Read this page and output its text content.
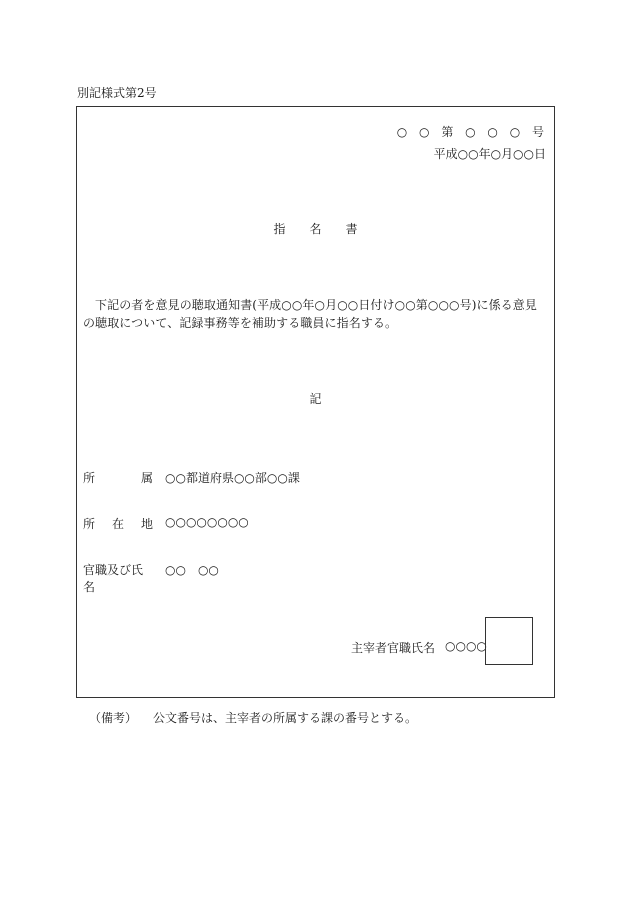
別記様式第2号
○ ○ 第 ○ ○ ○ 号
平成○○年○月○○日
指名書
下記の者を意見の聴取通知書(平成○○年○月○○日付け○○第○○○号)に係る意見
の聴取について、記録事務等を補助する職員に指名する。
記
所	属 ○○都道府県○○部○○課
所 在 地 ○○○○○○○○
官職及び氏名
○○　○○
主宰者官職氏名 ○○○○
（備考） 公文番号は、主宰者の所属する課の番号とする。
